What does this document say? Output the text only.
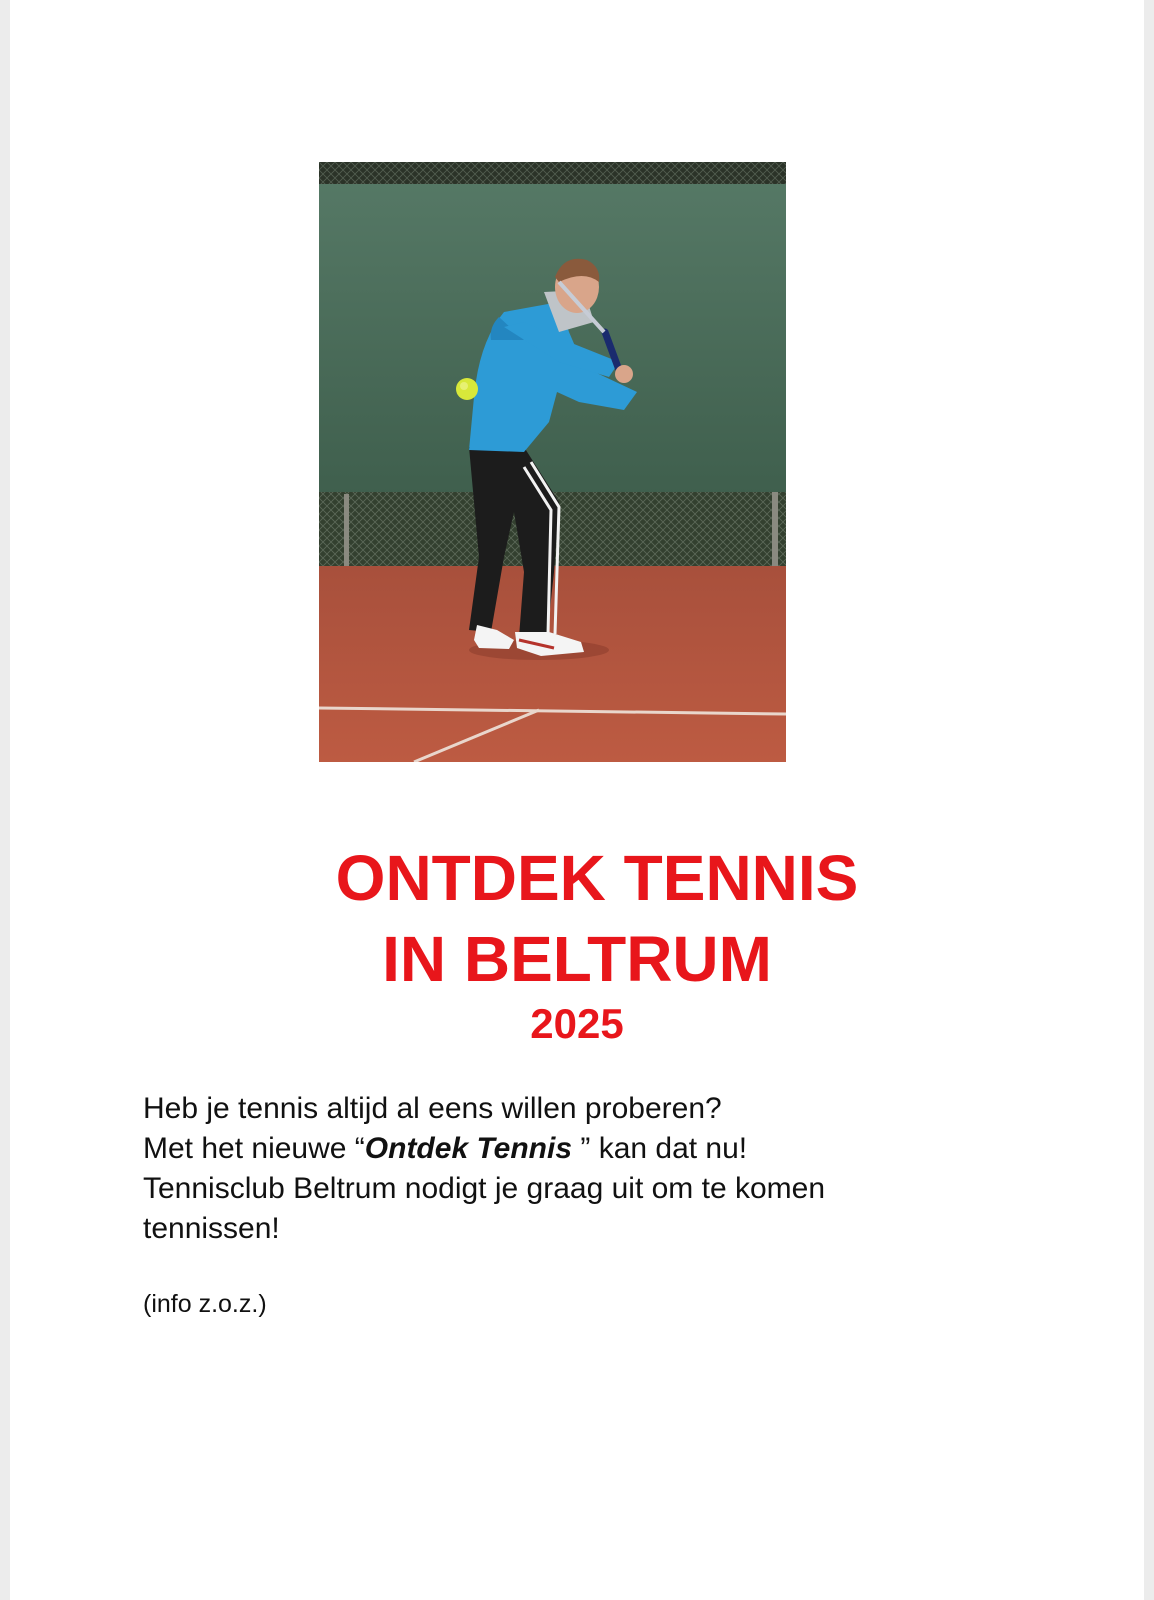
ONTDEK TENNIS
IN BELTRUM
2025
Heb je tennis altijd al eens willen proberen?
Met het nieuwe “Ontdek Tennis ” kan dat nu!
Tennisclub Beltrum nodigt je graag uit om te komen
tennissen!
(info z.o.z.)
